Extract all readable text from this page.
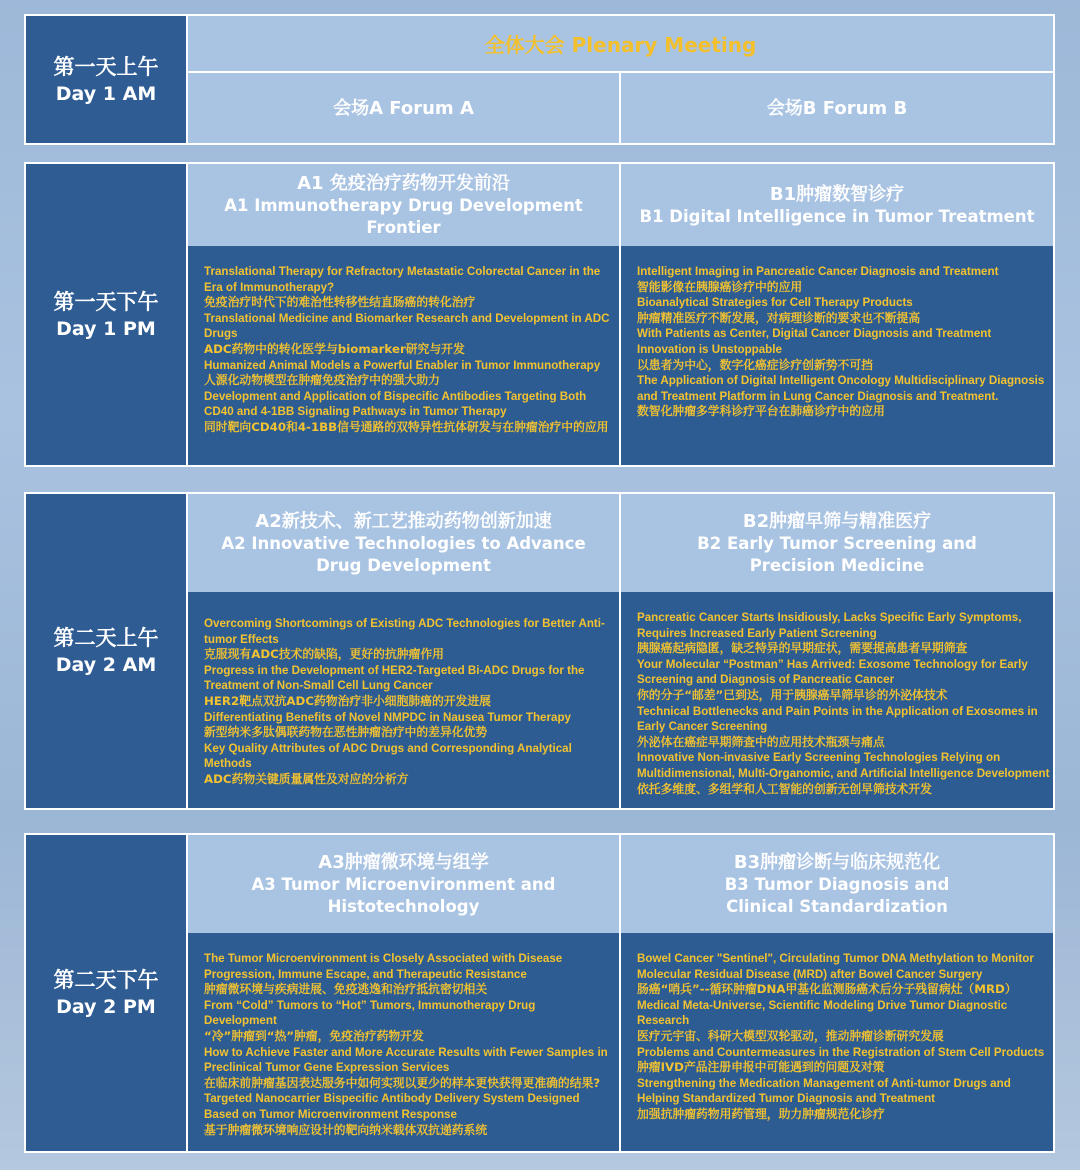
第一天上午
Day 1 AM
全体大会 Plenary Meeting
会场A Forum A	会场B Forum B
第一天下午
Day 1 PM
A1 免疫治疗药物开发前沿
A1 Immunotherapy Drug Development Frontier
B1肿瘤数智诊疗
B1 Digital Intelligence in Tumor Treatment
Translational Therapy for Refractory Metastatic Colorectal Cancer in the Era of Immunotherapy?
免疫治疗时代下的难治性转移性结直肠癌的转化治疗
Translational Medicine and Biomarker Research and Development in ADC Drugs
ADC药物中的转化医学与biomarker研究与开发
Humanized Animal Models a Powerful Enabler in Tumor Immunotherapy
人源化动物模型在肿瘤免疫治疗中的强大助力
Development and Application of Bispecific Antibodies Targeting Both CD40 and 4-1BB Signaling Pathways in Tumor Therapy
同时靶向CD40和4-1BB信号通路的双特异性抗体研发与在肿瘤治疗中的应用
Intelligent Imaging in Pancreatic Cancer Diagnosis and Treatment
智能影像在胰腺癌诊疗中的应用
Bioanalytical Strategies for Cell Therapy Products
肿瘤精准医疗不断发展，对病理诊断的要求也不断提高
With Patients as Center, Digital Cancer Diagnosis and Treatment Innovation is Unstoppable
以患者为中心，数字化癌症诊疗创新势不可挡
The Application of Digital Intelligent Oncology Multidisciplinary Diagnosis and Treatment Platform in Lung Cancer Diagnosis and Treatment.
数智化肿瘤多学科诊疗平台在肺癌诊疗中的应用
第二天上午
Day 2 AM
A2新技术、新工艺推动药物创新加速
A2 Innovative Technologies to Advance
Drug Development
B2肿瘤早筛与精准医疗
B2 Early Tumor Screening and
Precision Medicine
Overcoming Shortcomings of Existing ADC Technologies for Better Anti-tumor Effects
克服现有ADC技术的缺陷，更好的抗肿瘤作用
Progress in the Development of HER2-Targeted Bi-ADC Drugs for the Treatment of Non-Small Cell Lung Cancer
HER2靶点双抗ADC药物治疗非小细胞肺癌的开发进展
Differentiating Benefits of Novel NMPDC in Nausea Tumor Therapy
新型纳米多肽偶联药物在恶性肿瘤治疗中的差异化优势
Key Quality Attributes of ADC Drugs and Corresponding Analytical Methods
ADC药物关键质量属性及对应的分析方
Pancreatic Cancer Starts Insidiously, Lacks Specific Early Symptoms, Requires Increased Early Patient Screening
胰腺癌起病隐匿，缺乏特异的早期症状，需要提高患者早期筛查
Your Molecular “Postman” Has Arrived: Exosome Technology for Early Screening and Diagnosis of Pancreatic Cancer
你的分子“邮差”已到达，用于胰腺癌早筛早诊的外泌体技术
Technical Bottlenecks and Pain Points in the Application of Exosomes in Early Cancer Screening
外泌体在癌症早期筛查中的应用技术瓶颈与痛点
Innovative Non-invasive Early Screening Technologies Relying on Multidimensional, Multi-Organomic, and Artificial Intelligence Development
依托多维度、多组学和人工智能的创新无创早筛技术开发
第二天下午
Day 2 PM
A3肿瘤微环境与组学
A3 Tumor Microenvironment and
Histotechnology
B3肿瘤诊断与临床规范化
B3 Tumor Diagnosis and
Clinical Standardization
The Tumor Microenvironment is Closely Associated with Disease Progression, Immune Escape, and Therapeutic Resistance
肿瘤微环境与疾病进展、免疫逃逸和治疗抵抗密切相关
From “Cold” Tumors to “Hot” Tumors, Immunotherapy Drug Development
“冷”肿瘤到“热”肿瘤，免疫治疗药物开发
How to Achieve Faster and More Accurate Results with Fewer Samples in Preclinical Tumor Gene Expression Services
在临床前肿瘤基因表达服务中如何实现以更少的样本更快获得更准确的结果?
Targeted Nanocarrier Bispecific Antibody Delivery System Designed Based on Tumor Microenvironment Response
基于肿瘤微环境响应设计的靶向纳米载体双抗递药系统
Bowel Cancer "Sentinel", Circulating Tumor DNA Methylation to Monitor Molecular Residual Disease (MRD) after Bowel Cancer Surgery
肠癌“哨兵”--循环肿瘤DNA甲基化监测肠癌术后分子残留病灶（MRD）
Medical Meta-Universe, Scientific Modeling Drive Tumor Diagnostic Research
医疗元宇宙、科研大模型双轮驱动，推动肿瘤诊断研究发展
Problems and Countermeasures in the Registration of Stem Cell Products
肿瘤IVD产品注册申报中可能遇到的问题及对策
Strengthening the Medication Management of Anti-tumor Drugs and Helping Standardized Tumor Diagnosis and Treatment
加强抗肿瘤药物用药管理，助力肿瘤规范化诊疗
